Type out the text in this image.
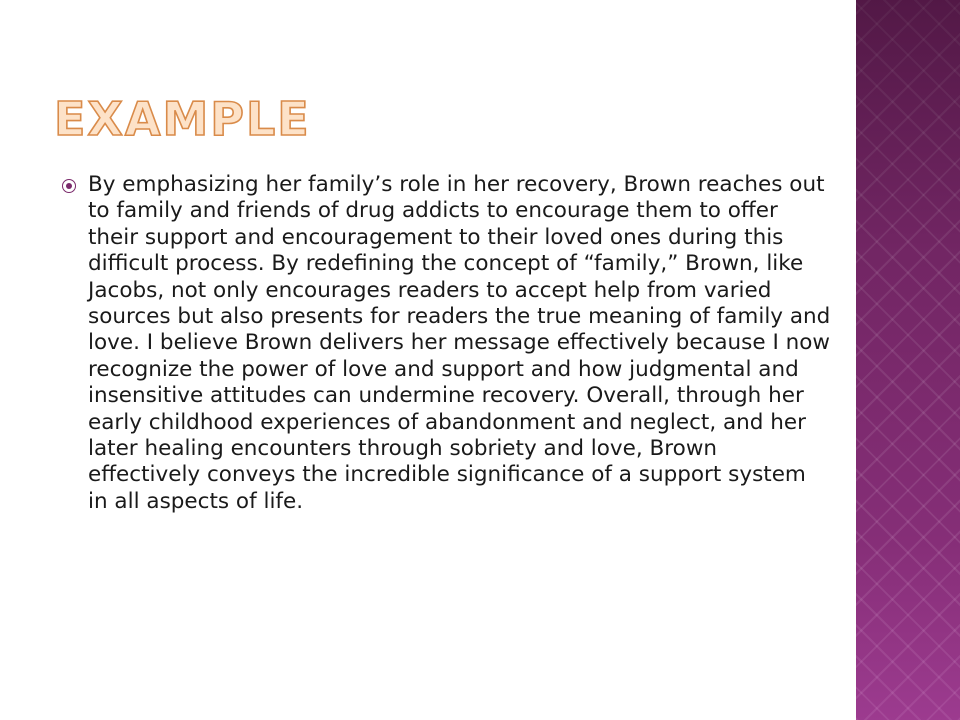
EXAMPLE

By emphasizing her family’s role in her recovery, Brown reaches out to family and friends of drug addicts to encourage them to offer their support and encouragement to their loved ones during this difficult process. By redefining the concept of “family,” Brown, like Jacobs, not only encourages readers to accept help from varied sources but also presents for readers the true meaning of family and love. I believe Brown delivers her message effectively because I now recognize the power of love and support and how judgmental and insensitive attitudes can undermine recovery. Overall, through her early childhood experiences of abandonment and neglect, and her later healing encounters through sobriety and love, Brown effectively conveys the incredible significance of a support system in all aspects of life.
